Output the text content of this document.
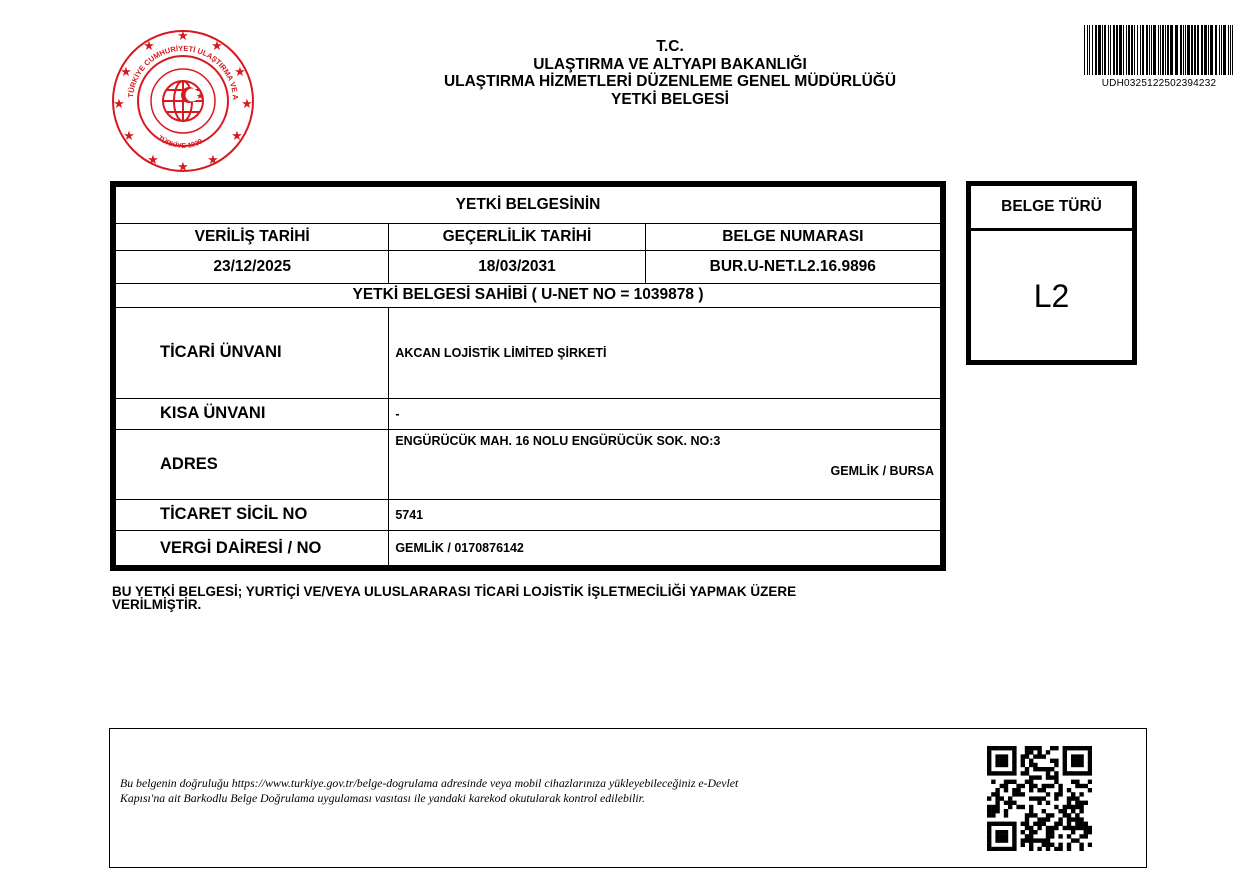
★
★
★
★
★
★
★
★
★
★
★
★
TÜRKİYE CUMHURİYETİ ULAŞTIRMA VE A
TÜRKİYE 1939
★
T.C.
ULAŞTIRMA VE ALTYAPI BAKANLIĞI
ULAŞTIRMA HİZMETLERİ DÜZENLEME GENEL MÜDÜRLÜĞÜ
YETKİ BELGESİ
UDH0325122502394232
YETKİ BELGESİNİN		
VERİLİŞ TARİHİ	GEÇERLİLİK TARİHİ	BELGE NUMARASI
23/12/2025	18/03/2031	BUR.U-NET.L2.16.9896
YETKİ BELGESİ SAHİBİ ( U-NET NO = 1039878 )		
TİCARİ ÜNVANI	AKCAN LOJİSTİK LİMİTED ŞİRKETİ	
KISA ÜNVANI	-	
ADRES	ENGÜRÜCÜK MAH. 16 NOLU ENGÜRÜCÜK SOK. NO:3
GEMLİK / BURSA	

TİCARET SİCİL NO	5741	
VERGİ DAİRESİ / NO	GEMLİK / 0170876142	
BELGE TÜRÜ
L2
BU YETKİ BELGESİ; YURTİÇİ VE/VEYA ULUSLARARASI TİCARİ LOJİSTİK İŞLETMECİLİĞİ YAPMAK ÜZERE
VERİLMİŞTİR.
Bu belgenin doğruluğu https://www.turkiye.gov.tr/belge-dogrulama adresinde veya mobil cihazlarınıza yükleyebileceğiniz e-Devlet
Kapısı'na ait Barkodlu Belge Doğrulama uygulaması vasıtası ile yandaki karekod okutularak kontrol edilebilir.
